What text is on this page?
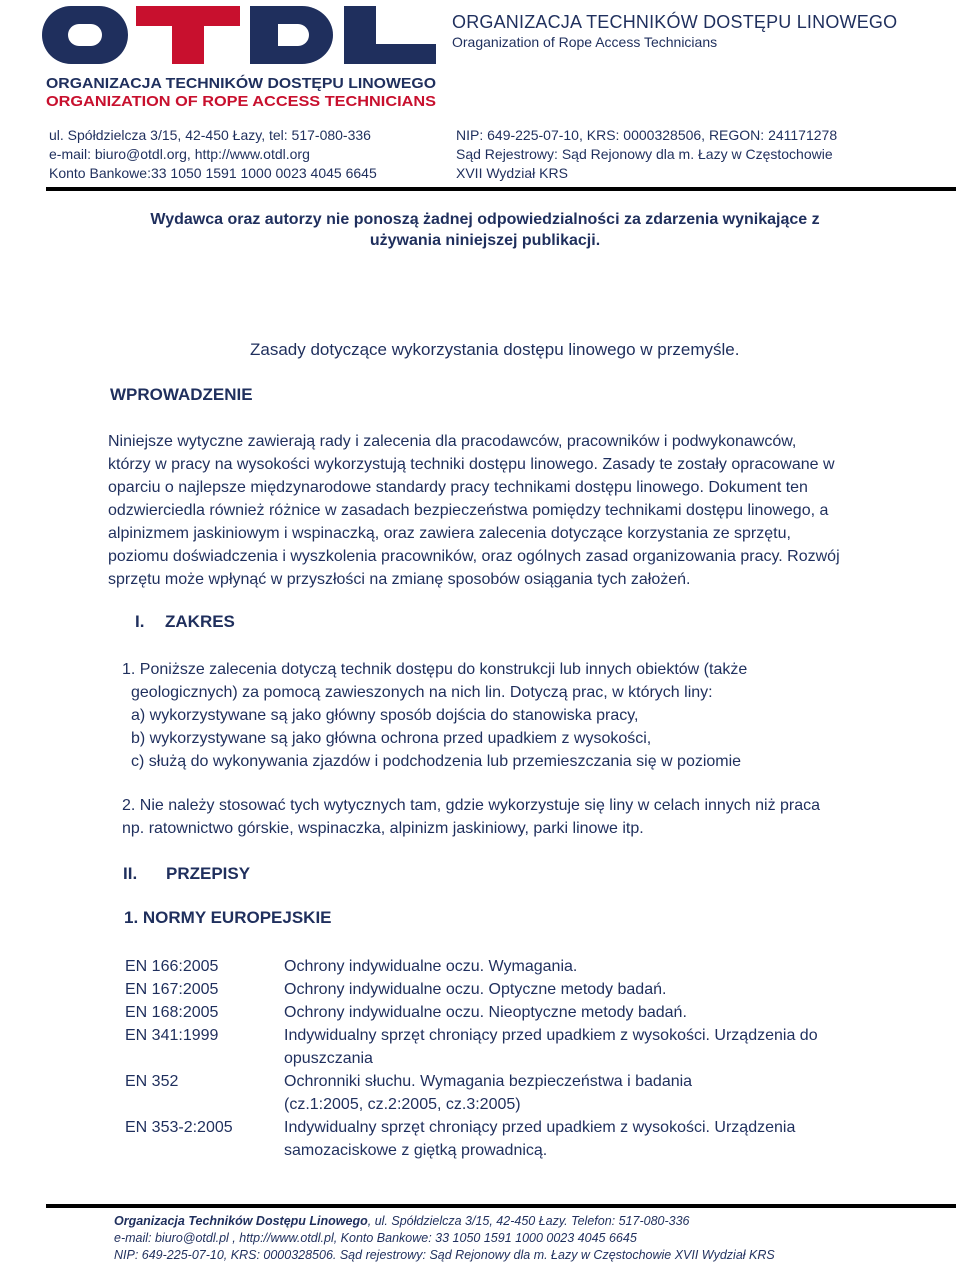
ORGANIZACJA TECHNIKÓW DOSTĘPU LINOWEGO
ORGANIZATION OF ROPE ACCESS TECHNICIANS
ORGANIZACJA TECHNIKÓW DOSTĘPU LINOWEGO
Oraganization of Rope Access Technicians
ul. Spółdzielcza 3/15, 42-450 Łazy, tel: 517-080-336
e-mail: biuro@otdl.org, http://www.otdl.org
Konto Bankowe:33 1050 1591 1000 0023 4045 6645
NIP: 649-225-07-10, KRS: 0000328506, REGON: 241171278
Sąd Rejestrowy: Sąd Rejonowy dla m. Łazy w Częstochowie
XVII Wydział KRS
Wydawca oraz autorzy nie ponoszą żadnej odpowiedzialności za zdarzenia wynikające z
używania niniejszej publikacji.
Zasady dotyczące wykorzystania dostępu linowego w przemyśle.
WPROWADZENIE

Niniejsze wytyczne zawierają rady i zalecenia dla pracodawców, pracowników i podwykonawców,

którzy w pracy na wysokości wykorzystują techniki dostępu linowego. Zasady te zostały opracowane w

oparciu o najlepsze międzynarodowe standardy pracy technikami dostępu linowego. Dokument ten

odzwierciedla również różnice w zasadach bezpieczeństwa pomiędzy technikami dostępu linowego, a

alpinizmem jaskiniowym i wspinaczką, oraz zawiera zalecenia dotyczące korzystania ze sprzętu,

poziomu doświadczenia i wyszkolenia pracowników, oraz ogólnych zasad organizowania pracy. Rozwój

sprzętu może wpłynąć w przyszłości na zmianę sposobów osiągania tych założeń.

I. ZAKRES

1. Poniższe zalecenia dotyczą technik dostępu do konstrukcji lub innych obiektów (także

geologicznych) za pomocą zawieszonych na nich lin. Dotyczą prac, w których liny:

a) wykorzystywane są jako główny sposób dojścia do stanowiska pracy,

b) wykorzystywane są jako główna ochrona przed upadkiem z wysokości,

c) służą do wykonywania zjazdów i podchodzenia lub przemieszczania się w poziomie

2. Nie należy stosować tych wytycznych tam, gdzie wykorzystuje się liny w celach innych niż praca

np. ratownictwo górskie, wspinaczka, alpinizm jaskiniowy, parki linowe itp.

II. PRZEPISY
1. NORMY EUROPEJSKIE
EN 166:2005	Ochrony indywidualne oczu. Wymagania.
EN 167:2005	Ochrony indywidualne oczu. Optyczne metody badań.
EN 168:2005	Ochrony indywidualne oczu. Nieoptyczne metody badań.
EN 341:1999	Indywidualny sprzęt chroniący przed upadkiem z wysokości. Urządzenia do
opuszczania
EN 352	Ochronniki słuchu. Wymagania bezpieczeństwa i badania
(cz.1:2005, cz.2:2005, cz.3:2005)
EN 353-2:2005	Indywidualny sprzęt chroniący przed upadkiem z wysokości. Urządzenia
samozaciskowe z giętką prowadnicą.
Organizacja Techników Dostępu Linowego, ul. Spółdzielcza 3/15, 42-450 Łazy. Telefon: 517-080-336
e-mail: biuro@otdl.pl , http://www.otdl.pl, Konto Bankowe: 33 1050 1591 1000 0023 4045 6645
NIP: 649-225-07-10, KRS: 0000328506. Sąd rejestrowy: Sąd Rejonowy dla m. Łazy w Częstochowie XVII Wydział KRS
